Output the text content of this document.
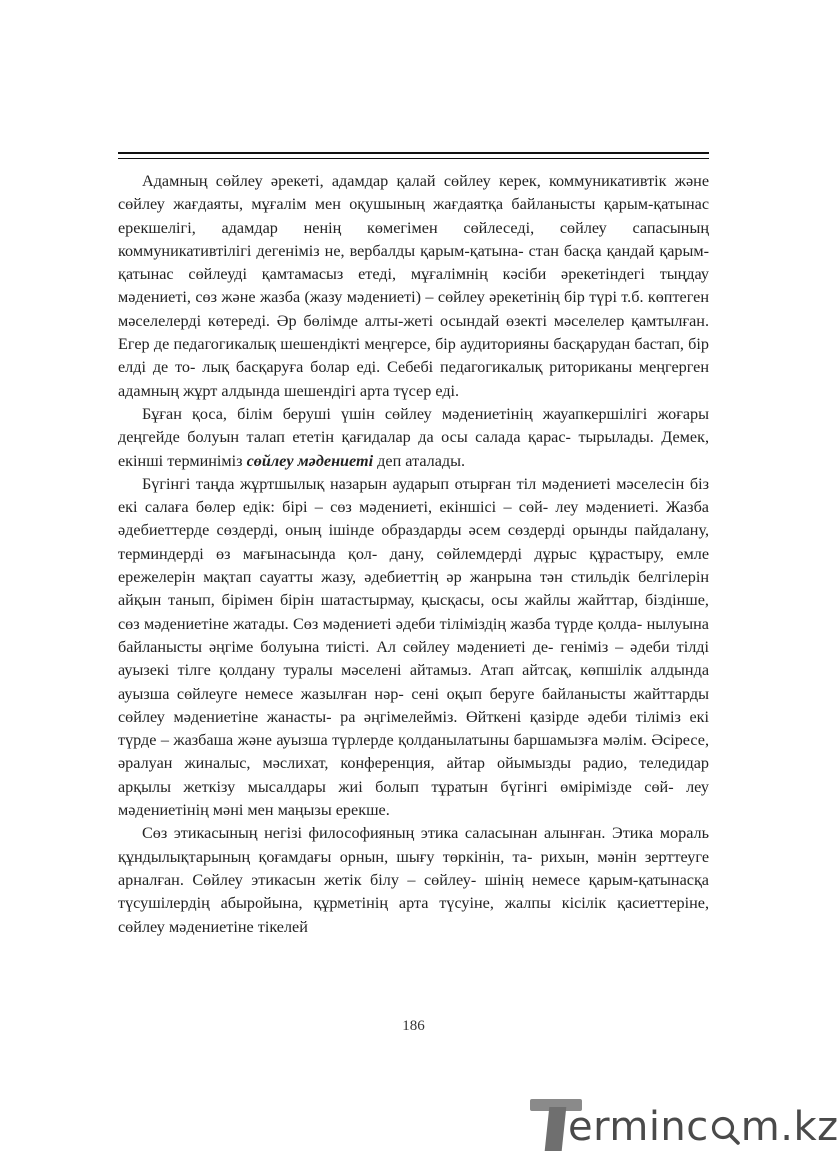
Адамның сөйлеу әрекеті, адамдар қалай сөйлеу керек, коммуникативтік және сөйлеу жағдаяты, мұғалім мен оқушының жағдаятқа байланысты қарым-қатынас ерекшелігі, адамдар ненің көмегімен сөйлеседі, сөйлеу сапасының коммуникативтілігі дегеніміз не, вербалды қарым-қатына- стан басқа қандай қарым-қатынас сөйлеуді қамтамасыз етеді, мұғалімнің кәсіби әрекетіндегі тыңдау мәдениеті, сөз және жазба (жазу мәдениеті) – сөйлеу әрекетінің бір түрі т.б. көптеген мәселелерді көтереді. Әр бөлімде алты-жеті осындай өзекті мәселелер қамтылған. Егер де педагогикалық шешендікті меңгерсе, бір аудиторияны басқарудан бастап, бір елді де то- лық басқаруға болар еді. Себебі педагогикалық риториканы меңгерген адамның жұрт алдында шешендігі арта түсер еді.

Бұған қоса, білім беруші үшін сөйлеу мәдениетінің жауапкершілігі жоғары деңгейде болуын талап ететін қағидалар да осы салада қарас- тырылады. Демек, екінші терминіміз сөйлеу мәдениеті деп аталады.

Бүгінгі таңда жұртшылық назарын аударып отырған тіл мәдениеті мәселесін біз екі салаға бөлер едік: бірі – сөз мәдениеті, екіншісі – сөй- леу мәдениеті. Жазба әдебиеттерде сөздерді, оның ішінде образдарды әсем сөздерді орынды пайдалану, терминдерді өз мағынасында қол- дану, сөйлемдерді дұрыс құрастыру, емле ережелерін мақтап сауатты жазу, әдебиеттің әр жанрына тән стильдік белгілерін айқын танып, бірімен бірін шатастырмау, қысқасы, осы жайлы жайттар, біздінше, сөз мәдениетіне жатады. Сөз мәдениеті әдеби тіліміздің жазба түрде қолда- нылуына байланысты әңгіме болуына тиісті. Ал сөйлеу мәдениеті де- геніміз – әдеби тілді ауызекі тілге қолдану туралы мәселені айтамыз. Атап айтсақ, көпшілік алдында ауызша сөйлеуге немесе жазылған нәр- сені оқып беруге байланысты жайттарды сөйлеу мәдениетіне жанасты- ра әңгімелейміз. Өйткені қазірде әдеби тіліміз екі түрде – жазбаша және ауызша түрлерде қолданылатыны баршамызға мәлім. Әсіресе, әралуан жиналыс, мәслихат, конференция, айтар ойымызды радио, теледидар арқылы жеткізу мысалдары жиі болып тұратын бүгінгі өмірімізде сөй- леу мәдениетінің мәні мен маңызы ерекше.

Сөз этикасының негізі философияның этика саласынан алынған. Этика мораль құндылықтарының қоғамдағы орнын, шығу төркінін, та- рихын, мәнін зерттеуге арналған. Сөйлеу этикасын жетік білу – сөйлеу- шінің немесе қарым-қатынасқа түсушілердің абыройына, құрметінің арта түсуіне, жалпы кісілік қасиеттеріне, сөйлеу мәдениетіне тікелей

186
erminc m.kz
